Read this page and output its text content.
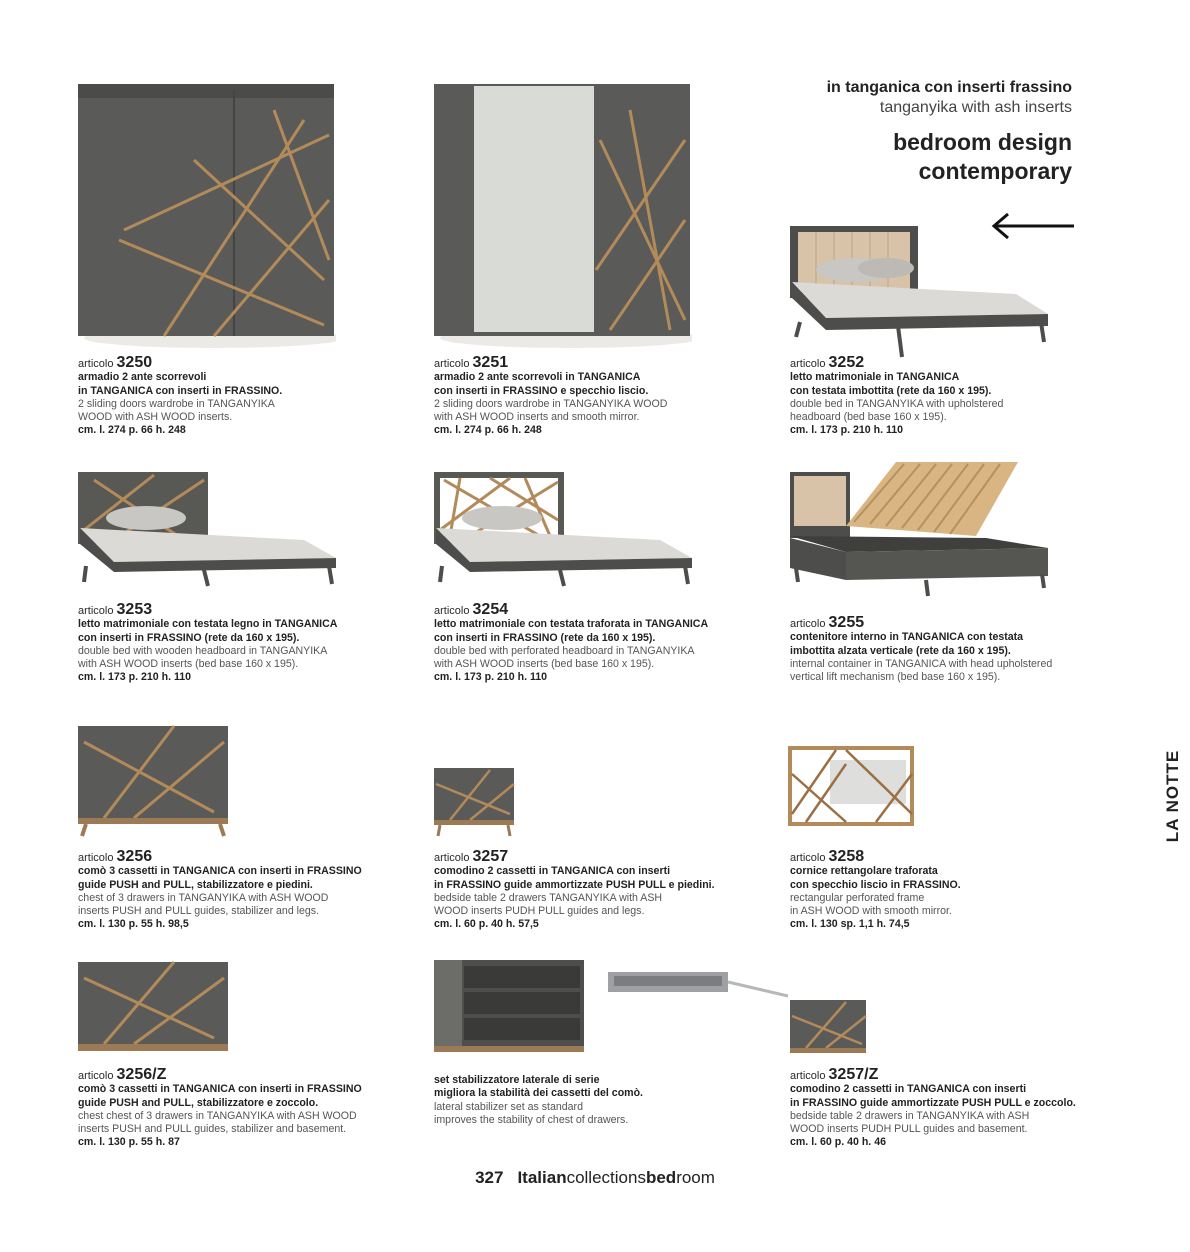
in tanganica con inserti frassino
tanganyika with ash inserts
bedroom design
contemporary
articolo 3250
armadio 2 ante scorrevoli
in TANGANICA con inserti in FRASSINO.
2 sliding doors wardrobe in TANGANYIKA
WOOD with ASH WOOD inserts.
cm. l. 274 p. 66 h. 248
articolo 3251
armadio 2 ante scorrevoli in TANGANICA
con inserti in FRASSINO e specchio liscio.
2 sliding doors wardrobe in TANGANYIKA WOOD
with ASH WOOD inserts and smooth mirror.
cm. l. 274 p. 66 h. 248
articolo 3252
letto matrimoniale in TANGANICA
con testata imbottita (rete da 160 x 195).
double bed in TANGANYIKA with upholstered
headboard (bed base 160 x 195).
cm. l. 173 p. 210 h. 110
articolo 3253
letto matrimoniale con testata legno in TANGANICA
con inserti in FRASSINO (rete da 160 x 195).
double bed with wooden headboard in TANGANYIKA
with ASH WOOD inserts (bed base 160 x 195).
cm. l. 173 p. 210 h. 110
articolo 3254
letto matrimoniale con testata traforata in TANGANICA
con inserti in FRASSINO (rete da 160 x 195).
double bed with perforated headboard in TANGANYIKA
with ASH WOOD inserts (bed base 160 x 195).
cm. l. 173 p. 210 h. 110
articolo 3255
contenitore interno in TANGANICA con testata
imbottita alzata verticale (rete da 160 x 195).
internal container in TANGANICA with head upholstered
vertical lift mechanism (bed base 160 x 195).
articolo 3256
comò 3 cassetti in TANGANICA con inserti in FRASSINO
guide PUSH and PULL, stabilizzatore e piedini.
chest of 3 drawers in TANGANYIKA with ASH WOOD
inserts PUSH and PULL guides, stabilizer and legs.
cm. l. 130 p. 55 h. 98,5
articolo 3257
comodino 2 cassetti in TANGANICA con inserti
in FRASSINO guide ammortizzate PUSH PULL e piedini.
bedside table 2 drawers TANGANYIKA with ASH
WOOD inserts PUDH PULL guides and legs.
cm. l. 60 p. 40 h. 57,5
articolo 3258
cornice rettangolare traforata
con specchio liscio in FRASSINO.
rectangular perforated frame
in ASH WOOD with smooth mirror.
cm. l. 130 sp. 1,1 h. 74,5
articolo 3256/Z
comò 3 cassetti in TANGANICA con inserti in FRASSINO
guide PUSH and PULL, stabilizzatore e zoccolo.
chest chest of 3 drawers in TANGANYIKA with ASH WOOD
inserts PUSH and PULL guides, stabilizer and basement.
cm. l. 130 p. 55 h. 87
set stabilizzatore laterale di serie
migliora la stabilità dei cassetti del comò.
lateral stabilizer set as standard
improves the stability of chest of drawers.
articolo 3257/Z
comodino 2 cassetti in TANGANICA con inserti
in FRASSINO guide ammortizzate PUSH PULL e zoccolo.
bedside table 2 drawers in TANGANYIKA with ASH
WOOD inserts PUDH PULL guides and basement.
cm. l. 60 p. 40 h. 46
LA NOTTE
327 Italiancollectionsbedroom
